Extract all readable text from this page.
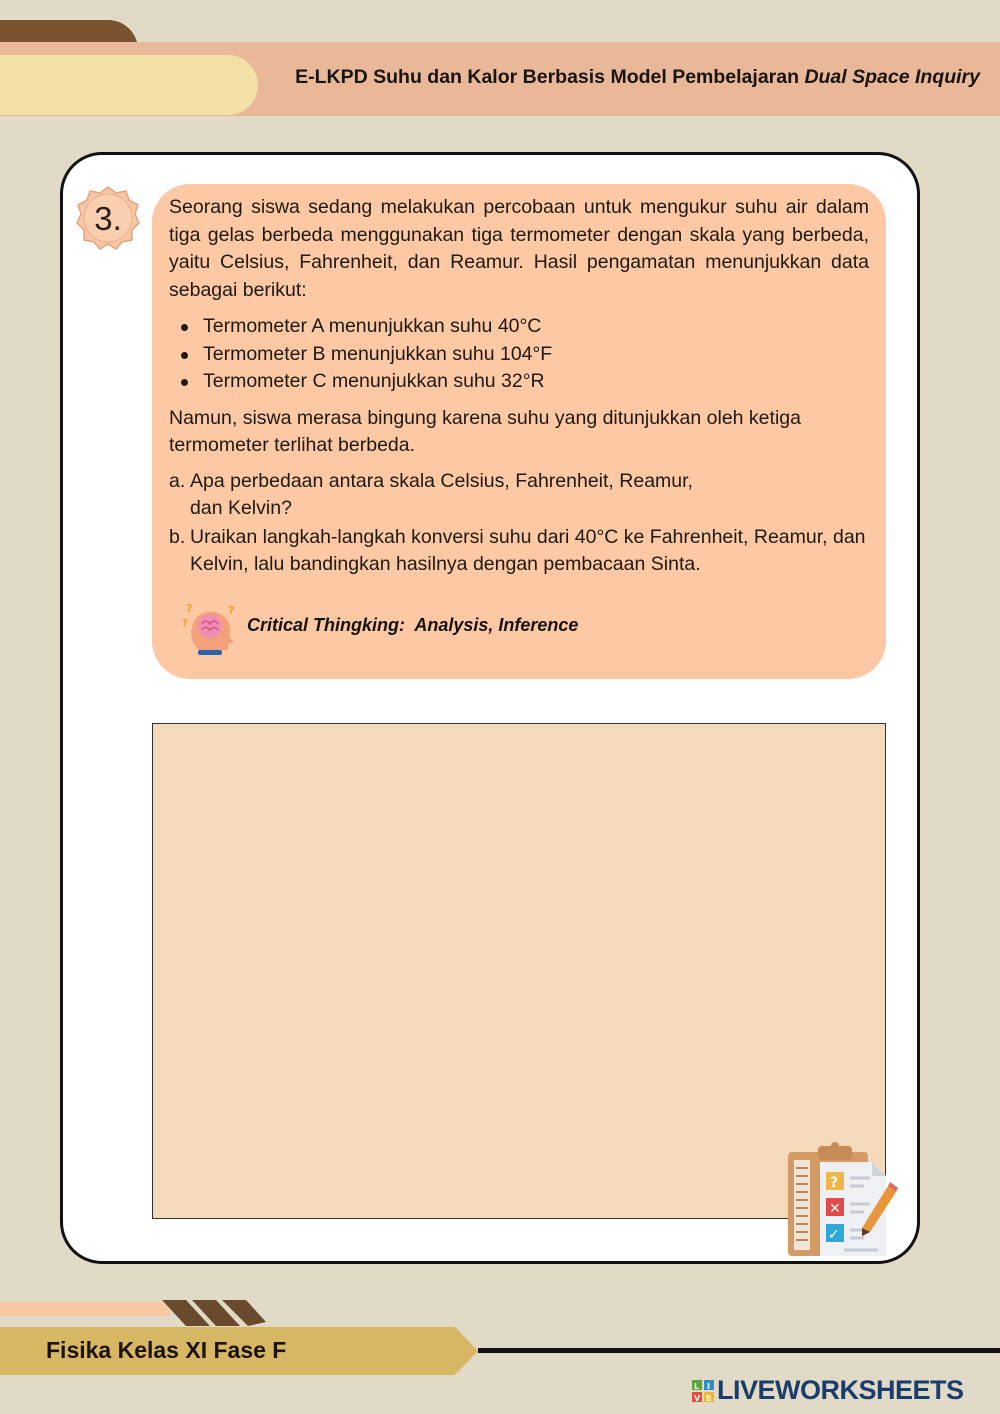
E-LKPD Suhu dan Kalor Berbasis Model Pembelajaran Dual Space Inquiry
3.	Seorang siswa sedang melakukan percobaan untuk mengukur suhu air dalam tiga gelas berbeda menggunakan tiga termometer dengan skala yang berbeda, yaitu Celsius, Fahrenheit, dan Reamur. Hasil pengamatan menunjukkan data sebagai berikut:

Termometer A menunjukkan suhu 40°C
Termometer B menunjukkan suhu 104°F
Termometer C menunjukkan suhu 32°R

Namun, siswa merasa bingung karena suhu yang ditunjukkan oleh ketiga termometer terlihat berbeda.

a. Apa perbedaan antara skala Celsius, Fahrenheit, Reamur,
dan Kelvin?
b. Uraikan langkah-langkah konversi suhu dari 40°C ke Fahrenheit, Reamur, dan Kelvin, lalu bandingkan hasilnya dengan pembacaan Sinta.
?	?
?	Critical Thingking:  Analysis, Inference
?
✕
✓
Fisika Kelas XI Fase F
L I
V E LIVEWORKSHEETS
